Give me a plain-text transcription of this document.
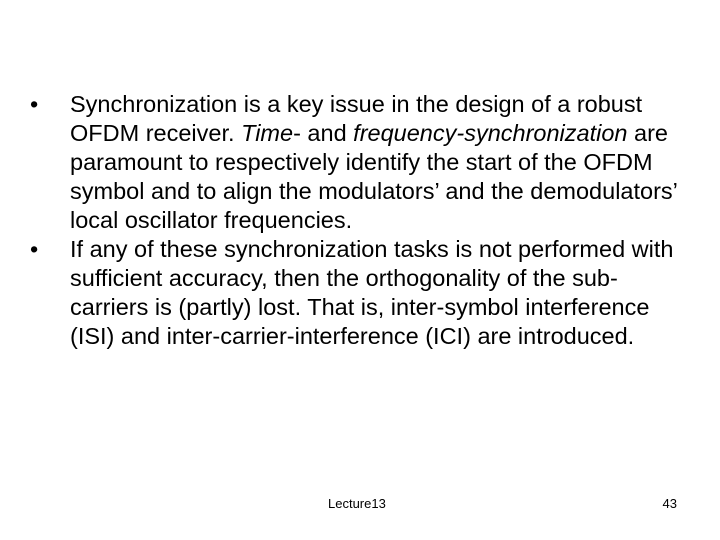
•	Synchronization is a key issue in the design of a robust OFDM receiver. Time- and frequency-synchronization are paramount to respectively identify the start of the OFDM symbol and to align the modulators’ and the demodulators’ local oscillator frequencies.

•	If any of these synchronization tasks is not performed with sufficient accuracy, then the orthogonality of the sub-carriers is (partly) lost. That is, inter-symbol interference (ISI) and inter-carrier-interference (ICI) are introduced.

Lecture13	43
